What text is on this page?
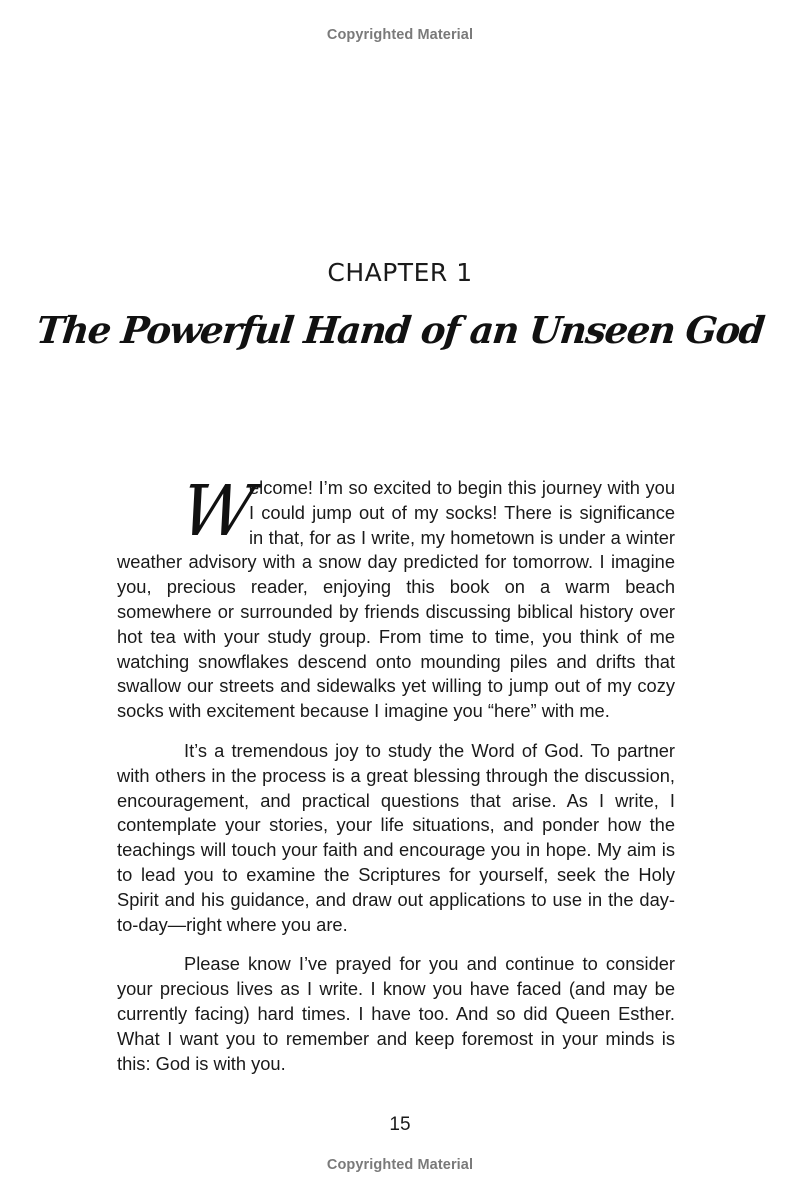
Copyrighted Material
CHAPTER 1
The Powerful Hand of an Unseen God

W
elcome! I’m so excited to begin this journey with you I could jump out of my socks! There is significance in that, for as I write, my hometown is under a winter weather advisory with a snow day predicted for tomorrow. I imagine you, precious reader, enjoying this book on a warm beach somewhere or surrounded by friends discussing biblical history over hot tea with your study group. From time to time, you think of me watching snowflakes descend onto mounding piles and drifts that swallow our streets and sidewalks yet willing to jump out of my cozy socks with excitement because I imagine you “here” with me.

It’s a tremendous joy to study the Word of God. To partner with others in the process is a great blessing through the discussion, encouragement, and practical questions that arise. As I write, I contemplate your stories, your life situations, and ponder how the teachings will touch your faith and encourage you in hope. My aim is to lead you to examine the Scriptures for yourself, seek the Holy Spirit and his guidance, and draw out applications to use in the day-to-day—right where you are.

Please know I’ve prayed for you and continue to consider your precious lives as I write. I know you have faced (and may be currently facing) hard times. I have too. And so did Queen Esther. What I want you to remember and keep foremost in your minds is this: God is with you.

15
Copyrighted Material
